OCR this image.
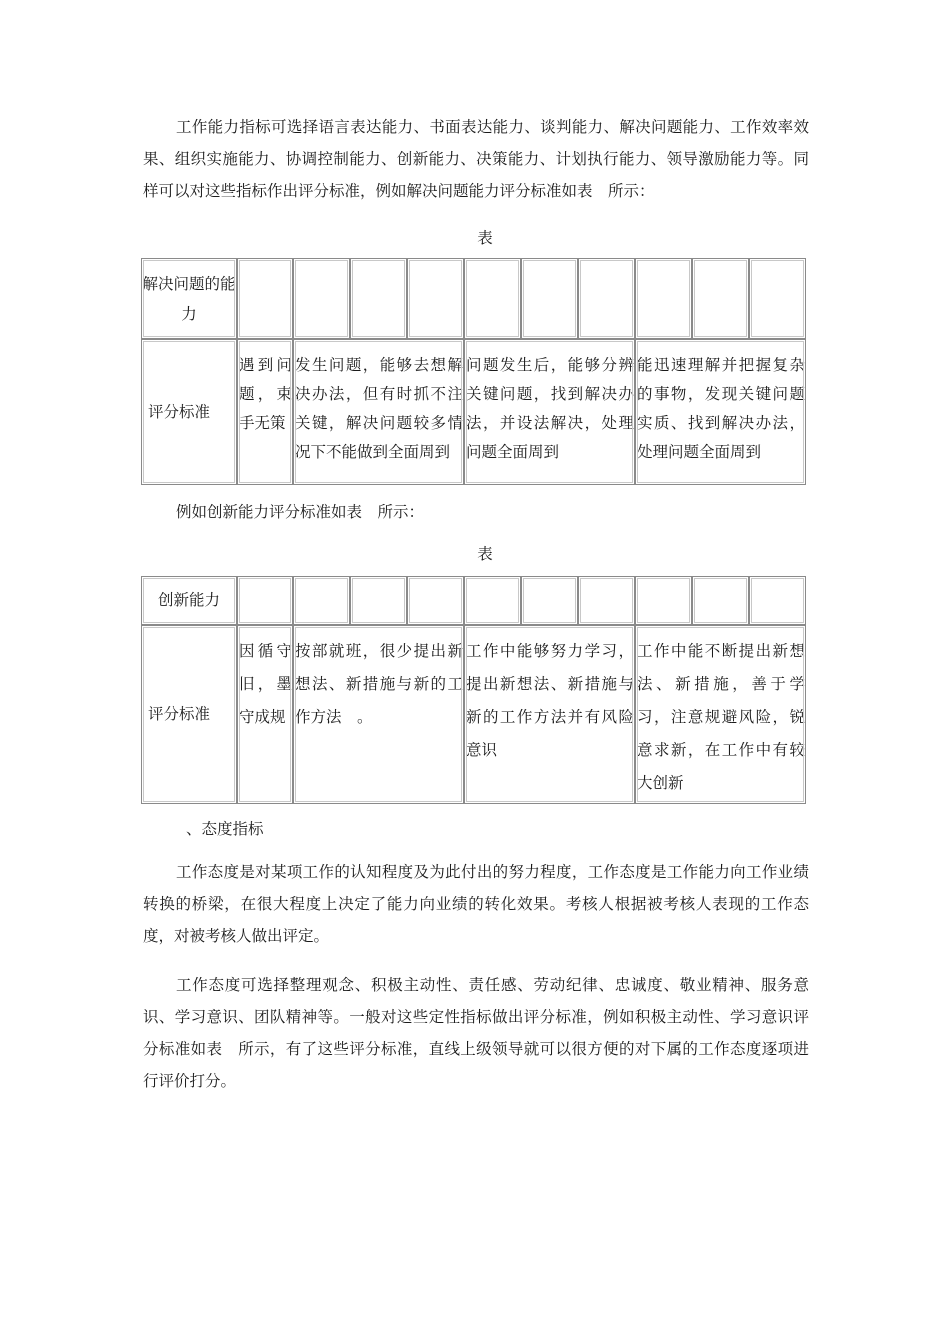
工作能力指标可选择语言表达能力、书面表达能力、谈判能力、解决问题能力、工作效率效果、组织实施能力、协调控制能力、创新能力、决策能力、计划执行能力、领导激励能力等。同样可以对这些指标作出评分标准，例如解决问题能力评分标准如表　所示：

表
解决问题的能力										
评分标准	遇到问题，束手无策	发生问题，能够去想解决办法，但有时抓不注关键，解决问题较多情况下不能做到全面周到			问题发生后，能够分辨关键问题，找到解决办法，并设法解决，处理问题全面周到			能迅速理解并把握复杂的事物，发现关键问题实质、找到解决办法，处理问题全面周到		

例如创新能力评分标准如表　所示：

表
创新能力										
评分标准	因循守旧，墨守成规	按部就班，很少提出新想法、新措施与新的工作方法　。			工作中能够努力学习，提出新想法、新措施与新的工作方法并有风险意识			工作中能不断提出新想法、新措施，善于学习，注意规避风险，锐意求新，在工作中有较大创新		
、态度指标

工作态度是对某项工作的认知程度及为此付出的努力程度，工作态度是工作能力向工作业绩转换的桥梁，在很大程度上决定了能力向业绩的转化效果。考核人根据被考核人表现的工作态度，对被考核人做出评定。

工作态度可选择整理观念、积极主动性、责任感、劳动纪律、忠诚度、敬业精神、服务意识、学习意识、团队精神等。一般对这些定性指标做出评分标准，例如积极主动性、学习意识评分标准如表　所示，有了这些评分标准，直线上级领导就可以很方便的对下属的工作态度逐项进行评价打分。
